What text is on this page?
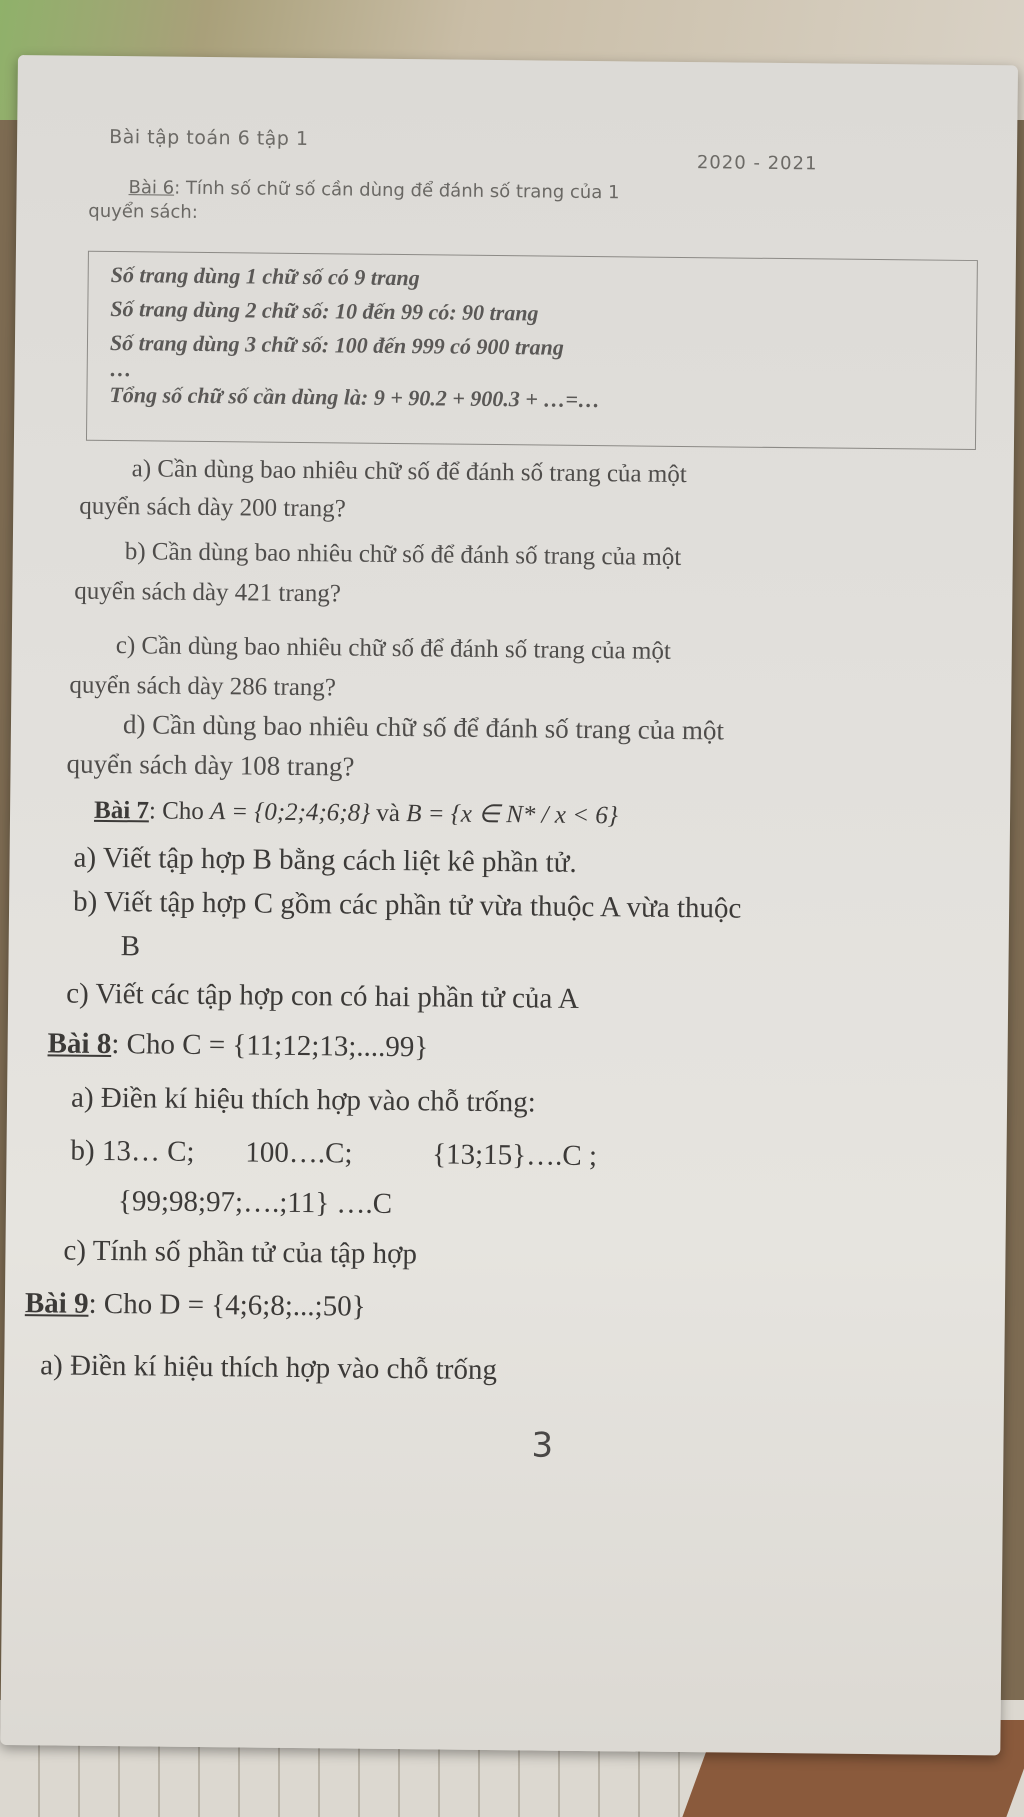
Bài tập toán 6 tập 1
2020 - 2021
Bài 6: Tính số chữ số cần dùng để đánh số trang của 1
quyển sách:
Số trang dùng 1 chữ số có 9 trang
Số trang dùng 2 chữ số: 10 đến 99 có: 90 trang
Số trang dùng 3 chữ số: 100 đến 999 có 900 trang
…
Tổng số chữ số cần dùng là: 9 + 90.2 + 900.3 + …=…
a) Cần dùng bao nhiêu chữ số để đánh số trang của một
quyển sách dày 200 trang?
b) Cần dùng bao nhiêu chữ số để đánh số trang của một
quyển sách dày 421 trang?
c) Cần dùng bao nhiêu chữ số để đánh số trang của một
quyển sách dày 286 trang?
d) Cần dùng bao nhiêu chữ số để đánh số trang của một
quyển sách dày 108 trang?
Bài 7: Cho A = {0;2;4;6;8} và B = {x ∈ N* / x < 6}
a) Viết tập hợp B bằng cách liệt kê phần tử.
b) Viết tập hợp C gồm các phần tử vừa thuộc A vừa thuộc
B
c) Viết các tập hợp con có hai phần tử của A
Bài 8: Cho C = {11;12;13;....99}
a) Điền kí hiệu thích hợp vào chỗ trống:
b) 13… C;       100….C;           {13;15}….C ;
{99;98;97;….;11} ….C
c) Tính số phần tử của tập hợp
Bài 9: Cho D = {4;6;8;...;50}
a) Điền kí hiệu thích hợp vào chỗ trống
3
